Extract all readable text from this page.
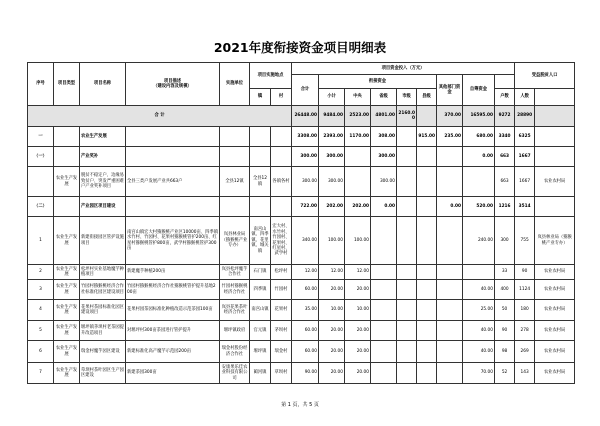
2021年度衔接资金项目明细表
序号	项目类型	项目名称	项目描述
（建设内容及规模）	实施单位	项目实施地点		项目资金投入（万元）									受益脱贫人口	
							合计	衔接资金					其他部门资金	自筹资金				
					镇	村		小计	中央	省级	市级	县级			户数	人数		
合 计							26448.00	9484.00	2523.00	4801.00	2160.00		370.00	16595.00	9272	28890		
一		农业生产发展					3308.00	2393.00	1170.00	308.00		915.00	235.00	680.00	3340	6325		
（一）		产业奖补					300.00	300.00		300.00				0.00	663	1667		
	农业生产发展	脱贫不稳定户、边缘易致贫户、突发严重困难户产业奖补项目	全县三类户发展产业共663户	全县12镇	全县12镇	各镇各村	300.00	300.00		300.00					663	1667	农业农村局	
（二）		产业园区项目建设					722.00	202.00	202.00	0.00			0.00	520.00	1216	3514		
1	农业生产发展	新建衔接园区管护设施项目	南宫山镇宏大村猕猴桃产业区10000亩、四季镇水竹村、竹园村、花果村猕猴桃管护200亩、红星村猕猴桃管护800亩，武学村猕猴桃管护300亩	岚县林业局（猕猴桃产业专办）	南宫山镇、四季镇、花里镇、城关镇	宏大村、水竹村、竹园村、花果村、红星村、武学村	340.00	100.00	100.00					240.00	300	755	岚县林业局（猕猴桃产业专办）	
2	农业生产发展	松坪村实业基地魔芋种植项目	新建魔芋种植200亩	岚县松坪魔芋合作社	石门镇	松坪村	12.00	12.00	12.00						33	90	农业农村局	
3	农业生产发展	竹园村猕猴桃经济合作社标准化园区建设项目	竹园村猕猴桃经济合作社猕猴桃管护提升基地200亩	竹园村猕猴桃经济合作社	四季镇	竹园村	60.00	20.00	20.00					40.00	400	1124	农业农村局	
4	农业生产发展	花果村茶园标准化园区建设项目	花果村园茶园标准化种植改造示范茶园100亩	岚县花果茶叶经济合作社	南宫山镇	花果村	35.00	10.00	10.00					25.00	50	180	农业农村局	
5	农业生产发展	堰坪镇茅坝村老茶园提升改造项目	对堰坪村300亩茶园进行管护提升	堰坪镇政府	官元镇	茅坝村	60.00	20.00	20.00					40.00	90	278	农业农村局	
6	农业生产发展	瑞金村魔芋园区建设	新建标准化高产魔芋示范园200亩	瑞金村股份经济合作社	堰坪镇	瑞金村	60.00	20.00	20.00					40.00	98	269	农业农村局	
7	农业生产发展	草坝村茶叶园区生产园区建设	新建茶园300亩	安康果乐佳农业科技有限公司	蔺河镇	草坝村	90.00	20.00	20.00					70.00	52	143	农业农村局	
第 1 页，共 5 页
